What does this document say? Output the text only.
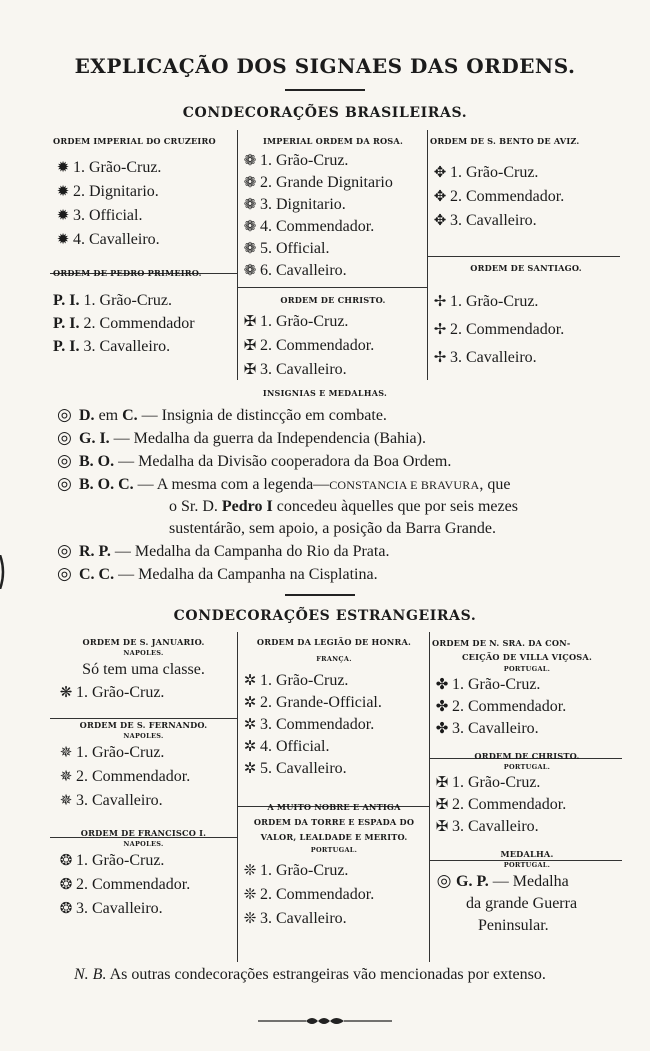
EXPLICAÇÃO DOS SIGNAES DAS ORDENS.
CONDECORAÇÕES BRASILEIRAS.
ORDEM IMPERIAL DO CRUZEIRO
✹ 1. Grão-Cruz.
✹ 2. Dignitario.
✹ 3. Official.
✹ 4. Cavalleiro.
ORDEM DE PEDRO PRIMEIRO.
P. I. 1. Grão-Cruz.
P. I. 2. Commendador
P. I. 3. Cavalleiro.
IMPERIAL ORDEM DA ROSA.
❁ 1. Grão-Cruz.
❁ 2. Grande Dignitario
❁ 3. Dignitario.
❁ 4. Commendador.
❁ 5. Official.
❁ 6. Cavalleiro.
ORDEM DE CHRISTO.
✠ 1. Grão-Cruz.
✠ 2. Commendador.
✠ 3. Cavalleiro.
ORDEM DE S. BENTO DE AVIZ.
✥ 1. Grão-Cruz.
✥ 2. Commendador.
✥ 3. Cavalleiro.
ORDEM DE SANTIAGO.
✢ 1. Grão-Cruz.
✢ 2. Commendador.
✢ 3. Cavalleiro.
INSIGNIAS E MEDALHAS.
◎ D. em C. — Insignia de distincção em combate.
◎ G. I. — Medalha da guerra da Independencia (Bahia).
◎ B. O. — Medalha da Divisão cooperadora da Boa Ordem.
◎ B. O. C. — A mesma com a legenda—CONSTANCIA E BRAVURA, que
o Sr. D. Pedro I concedeu àquelles que por seis mezes
sustentárão, sem apoio, a posição da Barra Grande.
◎ R. P. — Medalha da Campanha do Rio da Prata.
◎ C. C. — Medalha da Campanha na Cisplatina.
CONDECORAÇÕES ESTRANGEIRAS.
ORDEM DE S. JANUARIO.
NAPOLES.
Só tem uma classe.
❋ 1. Grão-Cruz.
ORDEM DE S. FERNANDO.
NAPOLES.
✵ 1. Grão-Cruz.
✵ 2. Commendador.
✵ 3. Cavalleiro.
ORDEM DE FRANCISCO I.
NAPOLES.
❂ 1. Grão-Cruz.
❂ 2. Commendador.
❂ 3. Cavalleiro.
ORDEM DA LEGIÃO DE HONRA.
FRANÇA.
✲ 1. Grão-Cruz.
✲ 2. Grande-Official.
✲ 3. Commendador.
✲ 4. Official.
✲ 5. Cavalleiro.
A MUITO NOBRE E ANTIGA
ORDEM DA TORRE E ESPADA DO
VALOR, LEALDADE E MERITO.
PORTUGAL.
❊ 1. Grão-Cruz.
❊ 2. Commendador.
❊ 3. Cavalleiro.
ORDEM DE N. SRA. DA CON-
CEIÇÃO DE VILLA VIÇOSA.
PORTUGAL.
✤ 1. Grão-Cruz.
✤ 2. Commendador.
✤ 3. Cavalleiro.
ORDEM DE CHRISTO.
PORTUGAL.
✠ 1. Grão-Cruz.
✠ 2. Commendador.
✠ 3. Cavalleiro.
MEDALHA.
PORTUGAL.
◎ G. P. — Medalha
da grande Guerra
Peninsular.
N. B. As outras condecorações estrangeiras vão mencionadas por extenso.
